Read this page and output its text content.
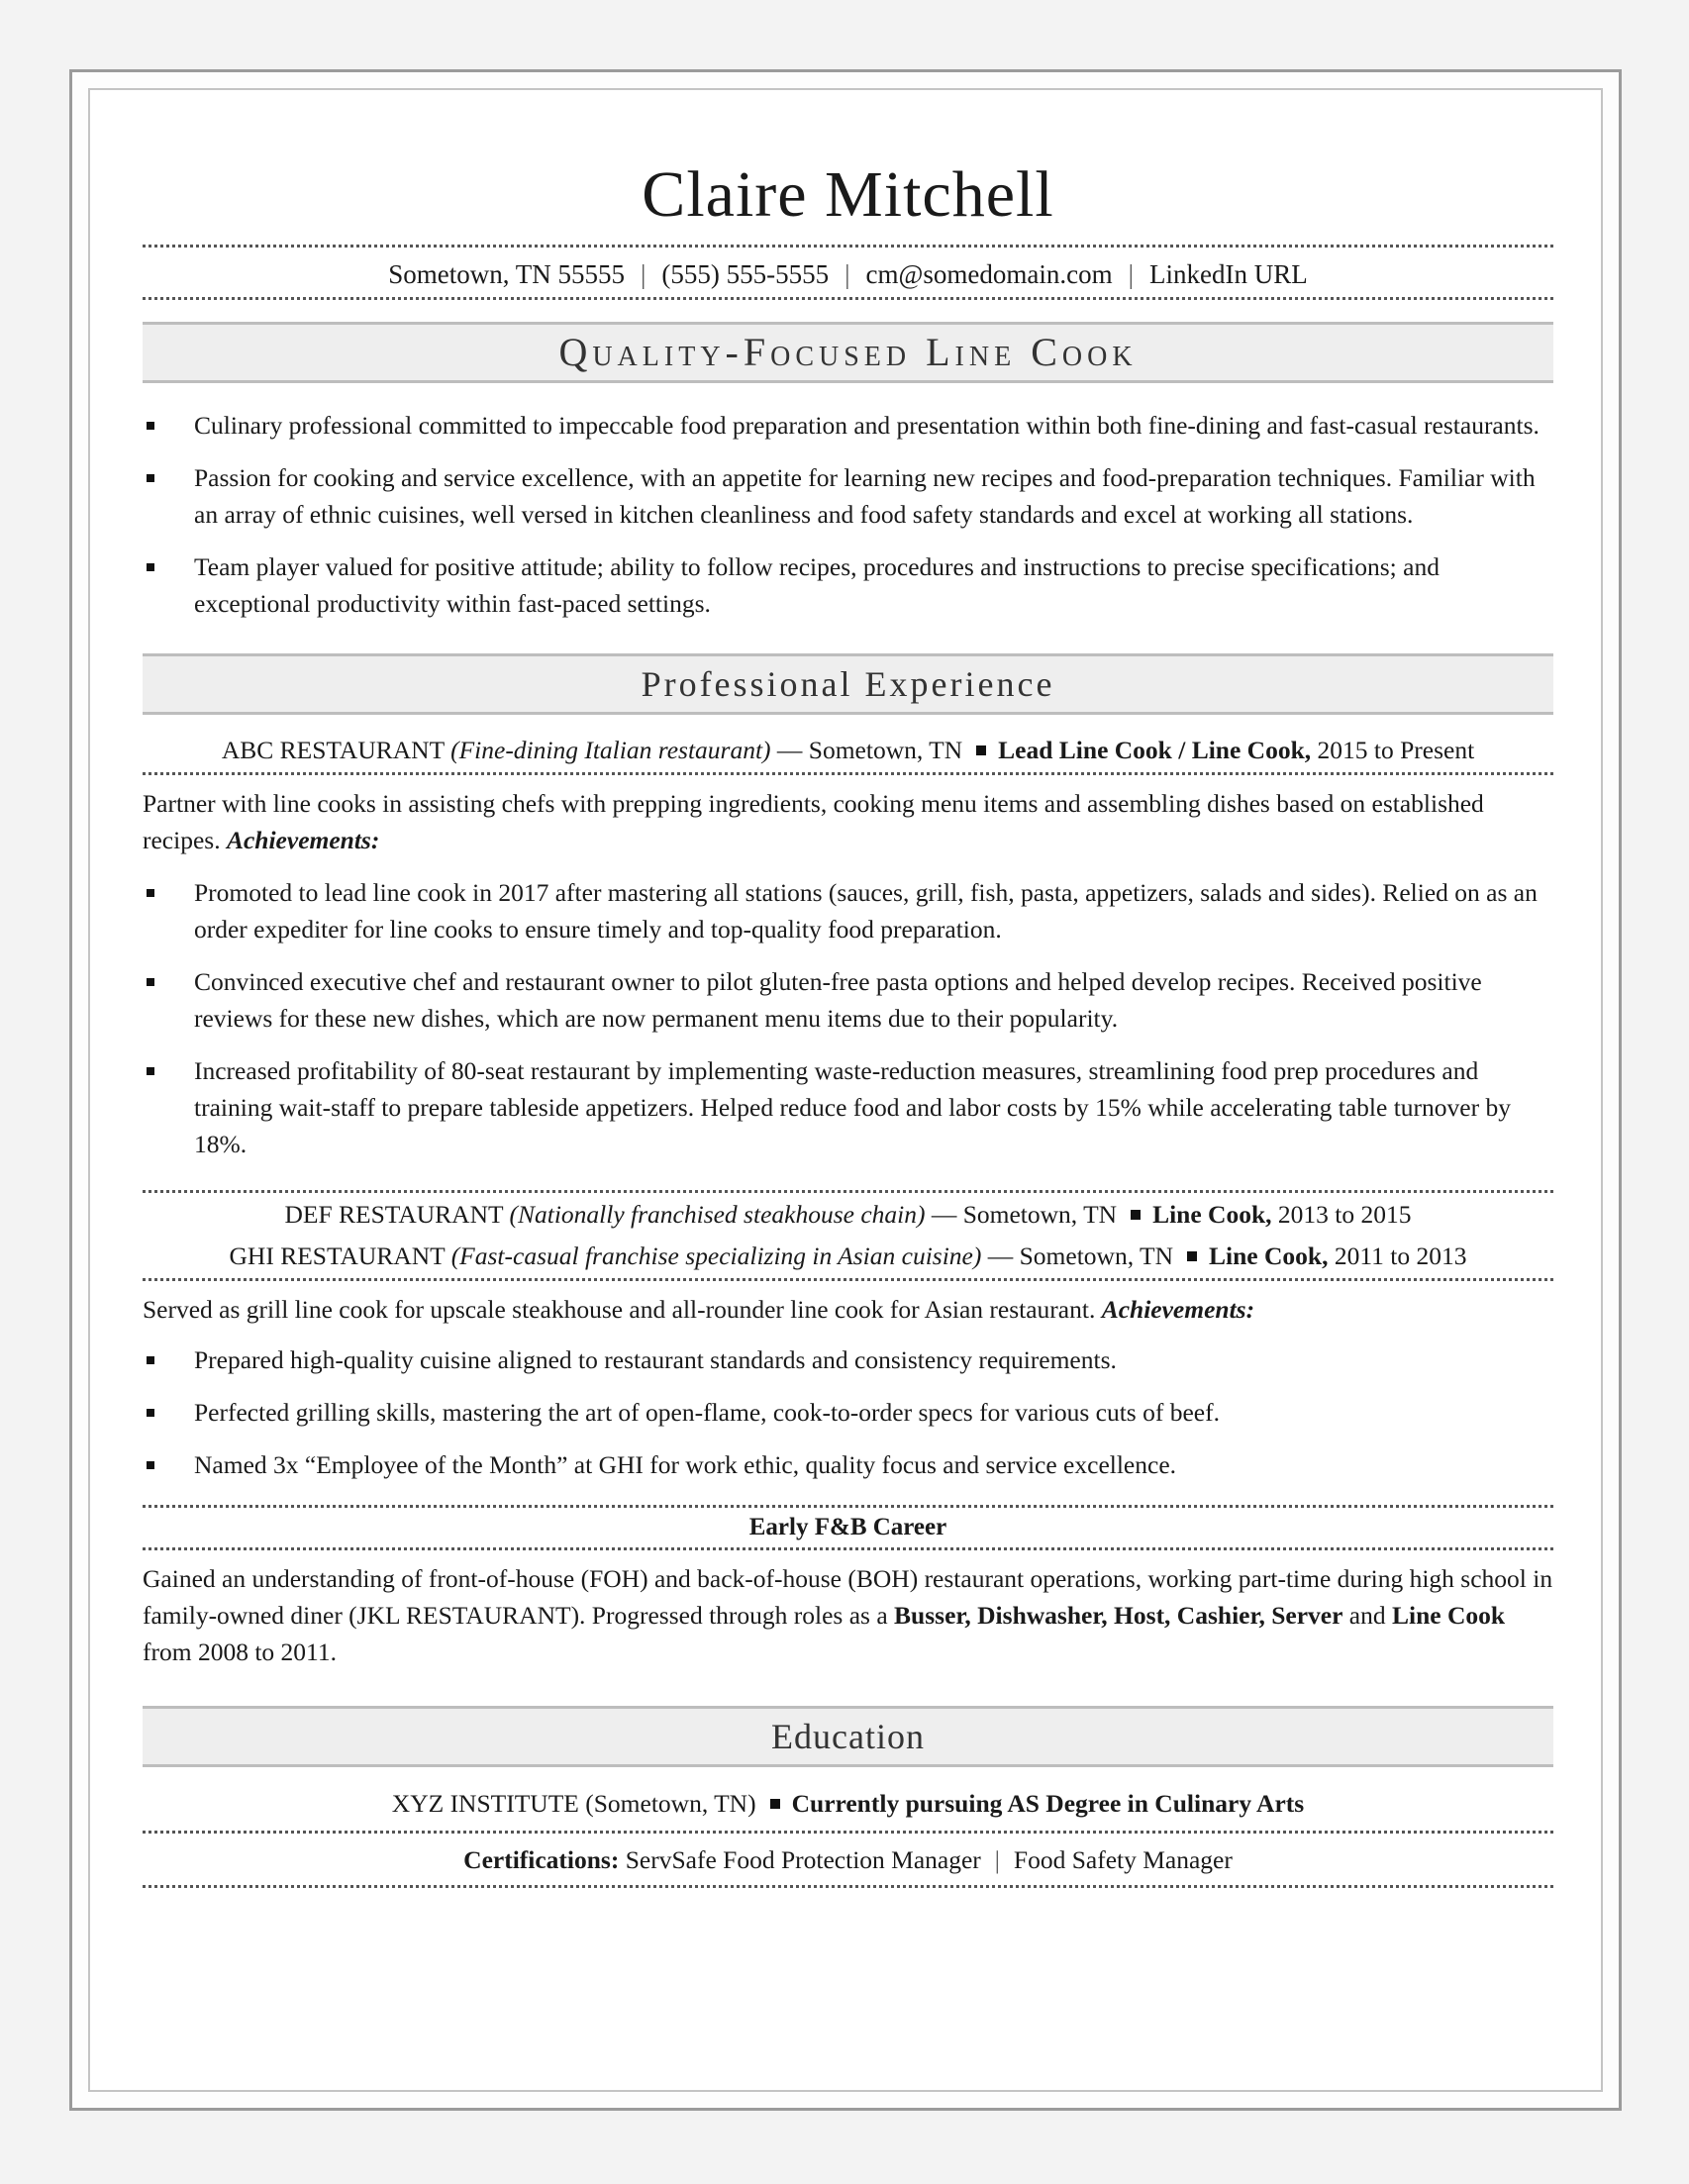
Claire Mitchell
Sometown, TN 55555 | (555) 555-5555 | cm@somedomain.com | LinkedIn URL
Quality-Focused Line Cook
Culinary professional committed to impeccable food preparation and presentation within both fine-dining and fast-casual restaurants.
Passion for cooking and service excellence, with an appetite for learning new recipes and food-preparation techniques. Familiar with an array of ethnic cuisines, well versed in kitchen cleanliness and food safety standards and excel at working all stations.
Team player valued for positive attitude; ability to follow recipes, procedures and instructions to precise specifications; and exceptional productivity within fast-paced settings.
Professional Experience
ABC RESTAURANT (Fine-dining Italian restaurant) — Sometown, TN Lead Line Cook / Line Cook, 2015 to Present

Partner with line cooks in assisting chefs with prepping ingredients, cooking menu items and assembling dishes based on established recipes. Achievements:

Promoted to lead line cook in 2017 after mastering all stations (sauces, grill, fish, pasta, appetizers, salads and sides). Relied on as an order expediter for line cooks to ensure timely and top-quality food preparation.
Convinced executive chef and restaurant owner to pilot gluten-free pasta options and helped develop recipes. Received positive reviews for these new dishes, which are now permanent menu items due to their popularity.
Increased profitability of 80-seat restaurant by implementing waste-reduction measures, streamlining food prep procedures and training wait-staff to prepare tableside appetizers. Helped reduce food and labor costs by 15% while accelerating table turnover by 18%.
DEF RESTAURANT (Nationally franchised steakhouse chain) — Sometown, TN Line Cook, 2013 to 2015
GHI RESTAURANT (Fast-casual franchise specializing in Asian cuisine) — Sometown, TN Line Cook, 2011 to 2013

Served as grill line cook for upscale steakhouse and all-rounder line cook for Asian restaurant. Achievements:

Prepared high-quality cuisine aligned to restaurant standards and consistency requirements.
Perfected grilling skills, mastering the art of open-flame, cook-to-order specs for various cuts of beef.
Named 3x “Employee of the Month” at GHI for work ethic, quality focus and service excellence.
Early F&B Career

Gained an understanding of front-of-house (FOH) and back-of-house (BOH) restaurant operations, working part-time during high school in family-owned diner (JKL RESTAURANT). Progressed through roles as a Busser, Dishwasher, Host, Cashier, Server and Line Cook from 2008 to 2011.

Education
XYZ INSTITUTE (Sometown, TN) Currently pursuing AS Degree in Culinary Arts
Certifications: ServSafe Food Protection Manager | Food Safety Manager
